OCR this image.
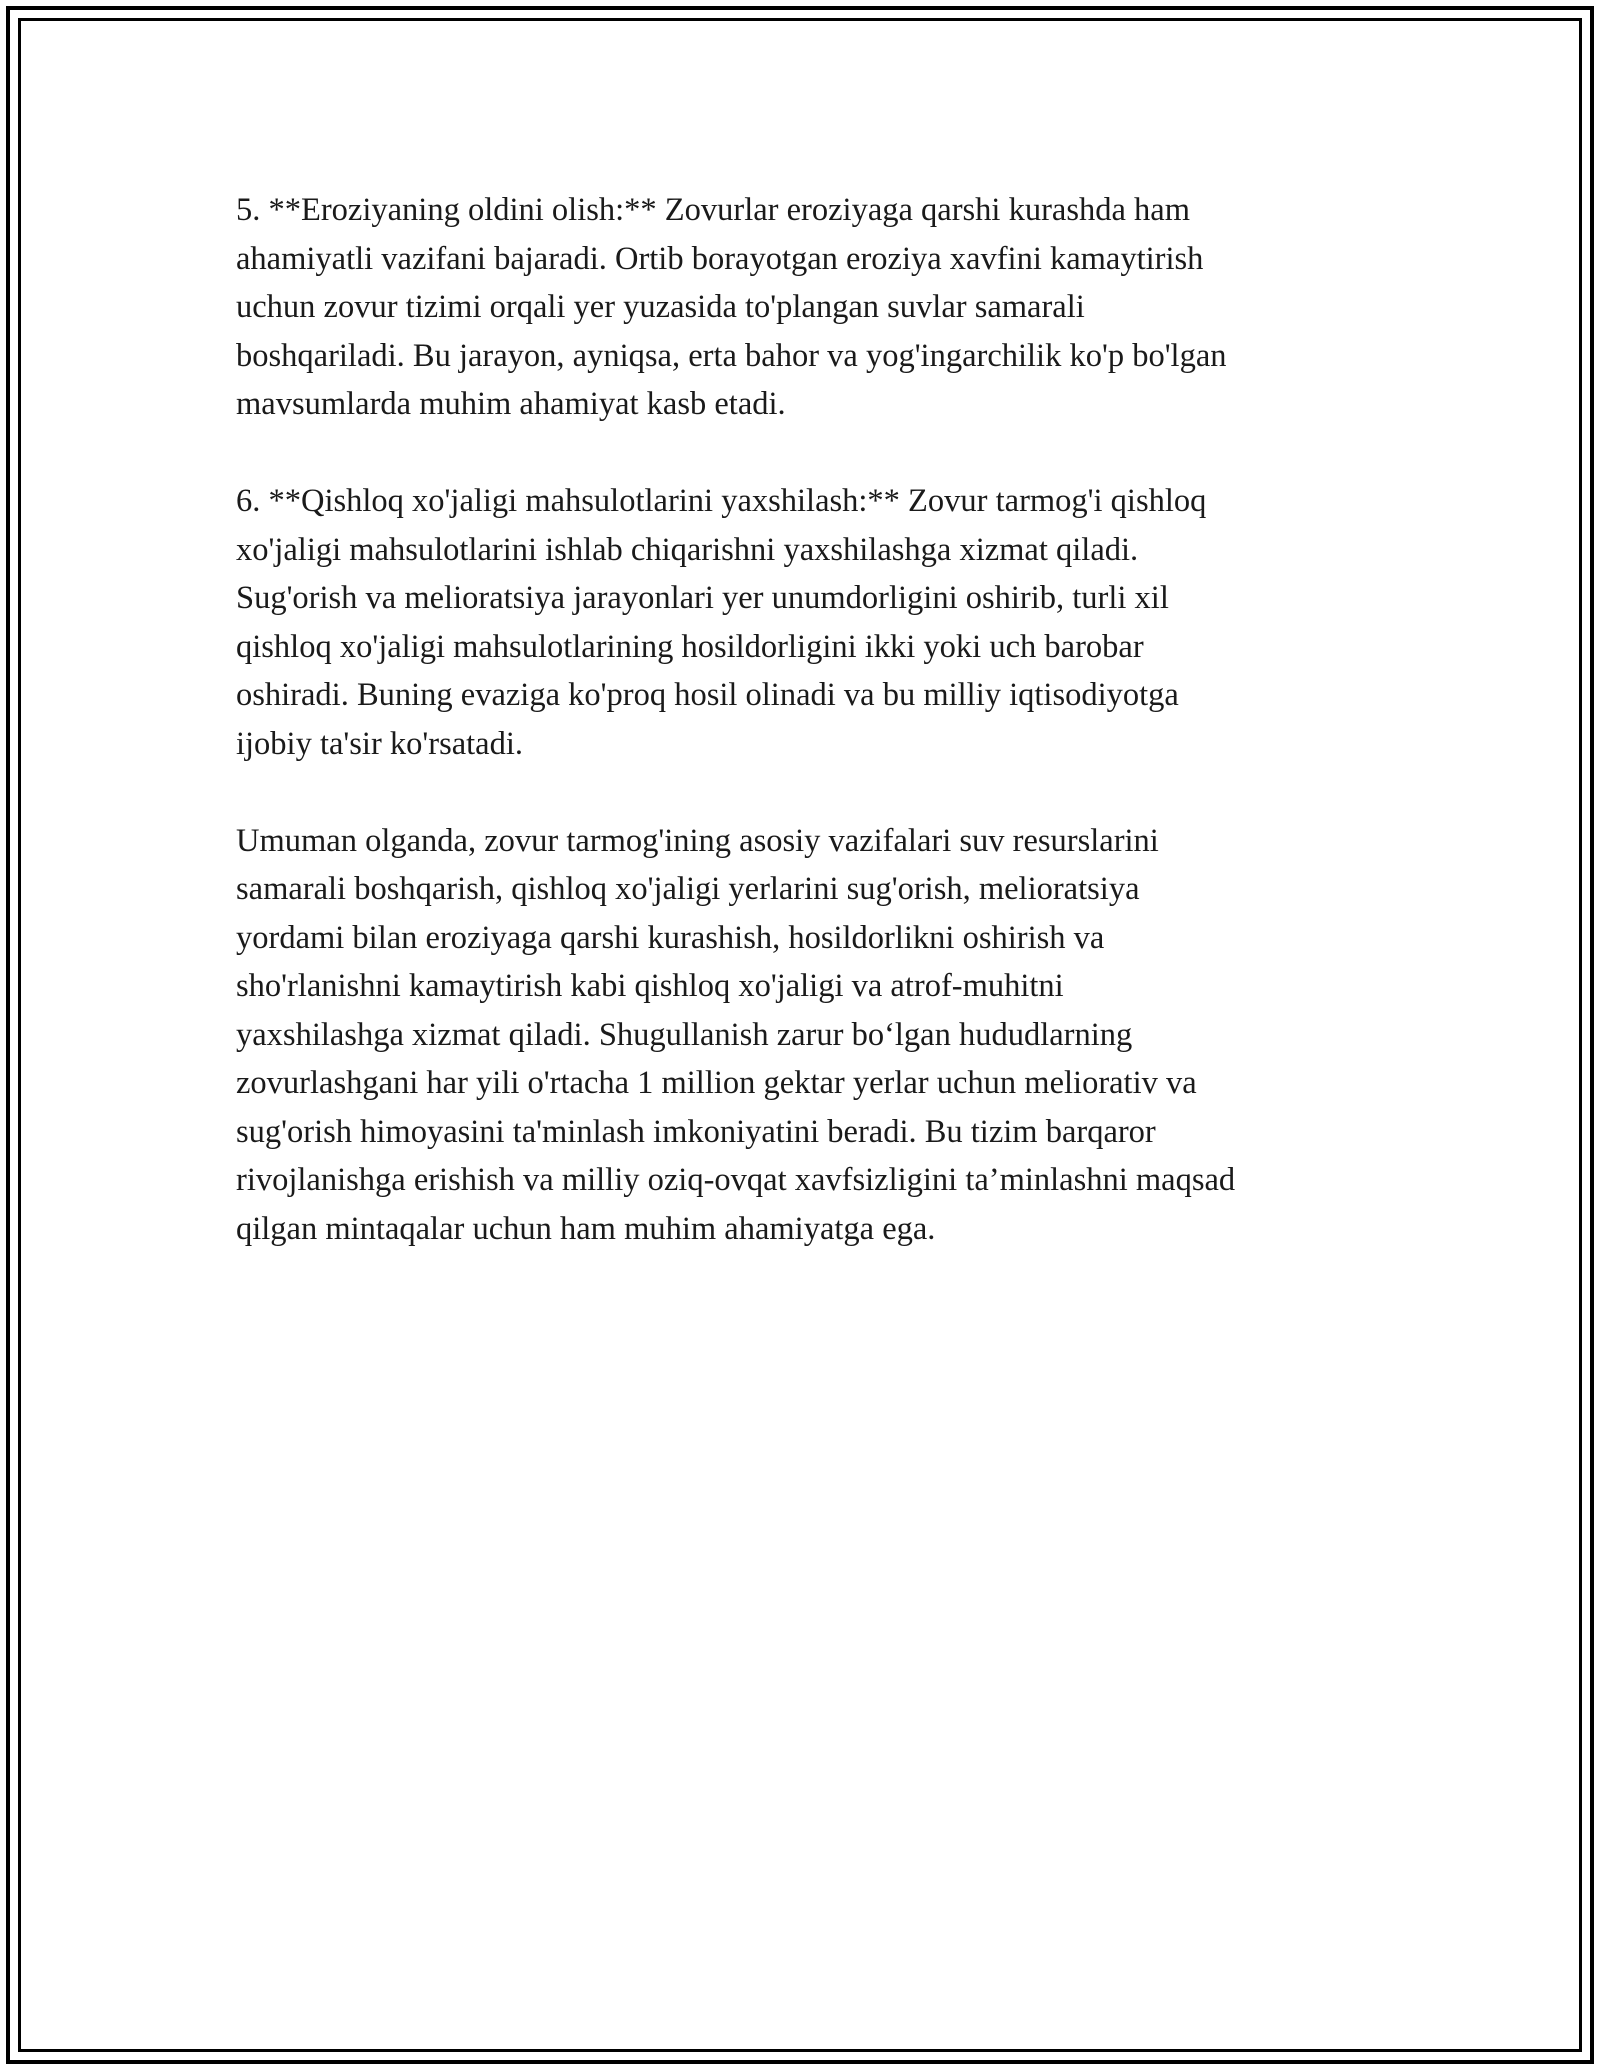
5. **Eroziyaning oldini olish:** Zovurlar eroziyaga qarshi kurashda ham
ahamiyatli vazifani bajaradi. Ortib borayotgan eroziya xavfini kamaytirish
uchun zovur tizimi orqali yer yuzasida to'plangan suvlar samarali
boshqariladi. Bu jarayon, ayniqsa, erta bahor va yog'ingarchilik ko'p bo'lgan
mavsumlarda muhim ahamiyat kasb etadi.
6. **Qishloq xo'jaligi mahsulotlarini yaxshilash:** Zovur tarmog'i qishloq
xo'jaligi mahsulotlarini ishlab chiqarishni yaxshilashga xizmat qiladi.
Sug'orish va melioratsiya jarayonlari yer unumdorligini oshirib, turli xil
qishloq xo'jaligi mahsulotlarining hosildorligini ikki yoki uch barobar
oshiradi. Buning evaziga ko'proq hosil olinadi va bu milliy iqtisodiyotga
ijobiy ta'sir ko'rsatadi.
Umuman olganda, zovur tarmog'ining asosiy vazifalari suv resurslarini
samarali boshqarish, qishloq xo'jaligi yerlarini sug'orish, melioratsiya
yordami bilan eroziyaga qarshi kurashish, hosildorlikni oshirish va
sho'rlanishni kamaytirish kabi qishloq xo'jaligi va atrof-muhitni
yaxshilashga xizmat qiladi. Shugullanish zarur bo‘lgan hududlarning
zovurlashgani har yili o'rtacha 1 million gektar yerlar uchun meliorativ va
sug'orish himoyasini ta'minlash imkoniyatini beradi. Bu tizim barqaror
rivojlanishga erishish va milliy oziq-ovqat xavfsizligini ta’minlashni maqsad
qilgan mintaqalar uchun ham muhim ahamiyatga ega.
